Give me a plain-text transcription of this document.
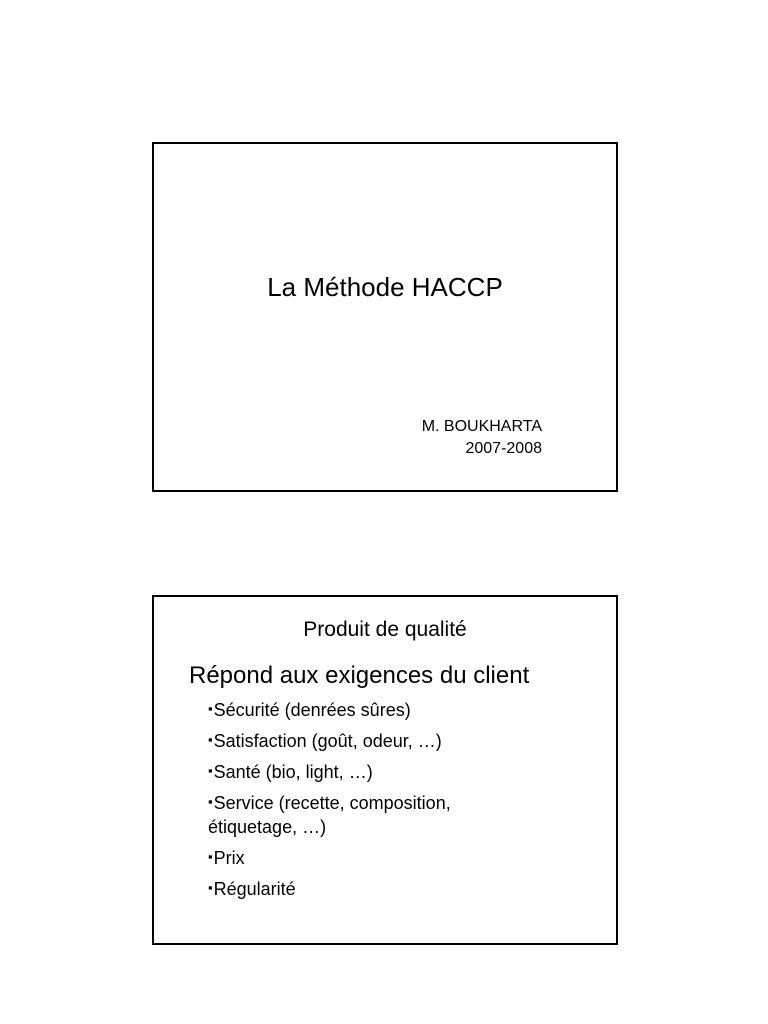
La Méthode HACCP
M. BOUKHARTA
2007-2008
Produit de qualité
Répond aux exigences du client
▪ Sécurité (denrées sûres)
▪ Satisfaction (goût, odeur, …)
▪ Santé (bio, light, …)
▪ Service (recette, composition, étiquetage, …)
▪ Prix
▪ Régularité
